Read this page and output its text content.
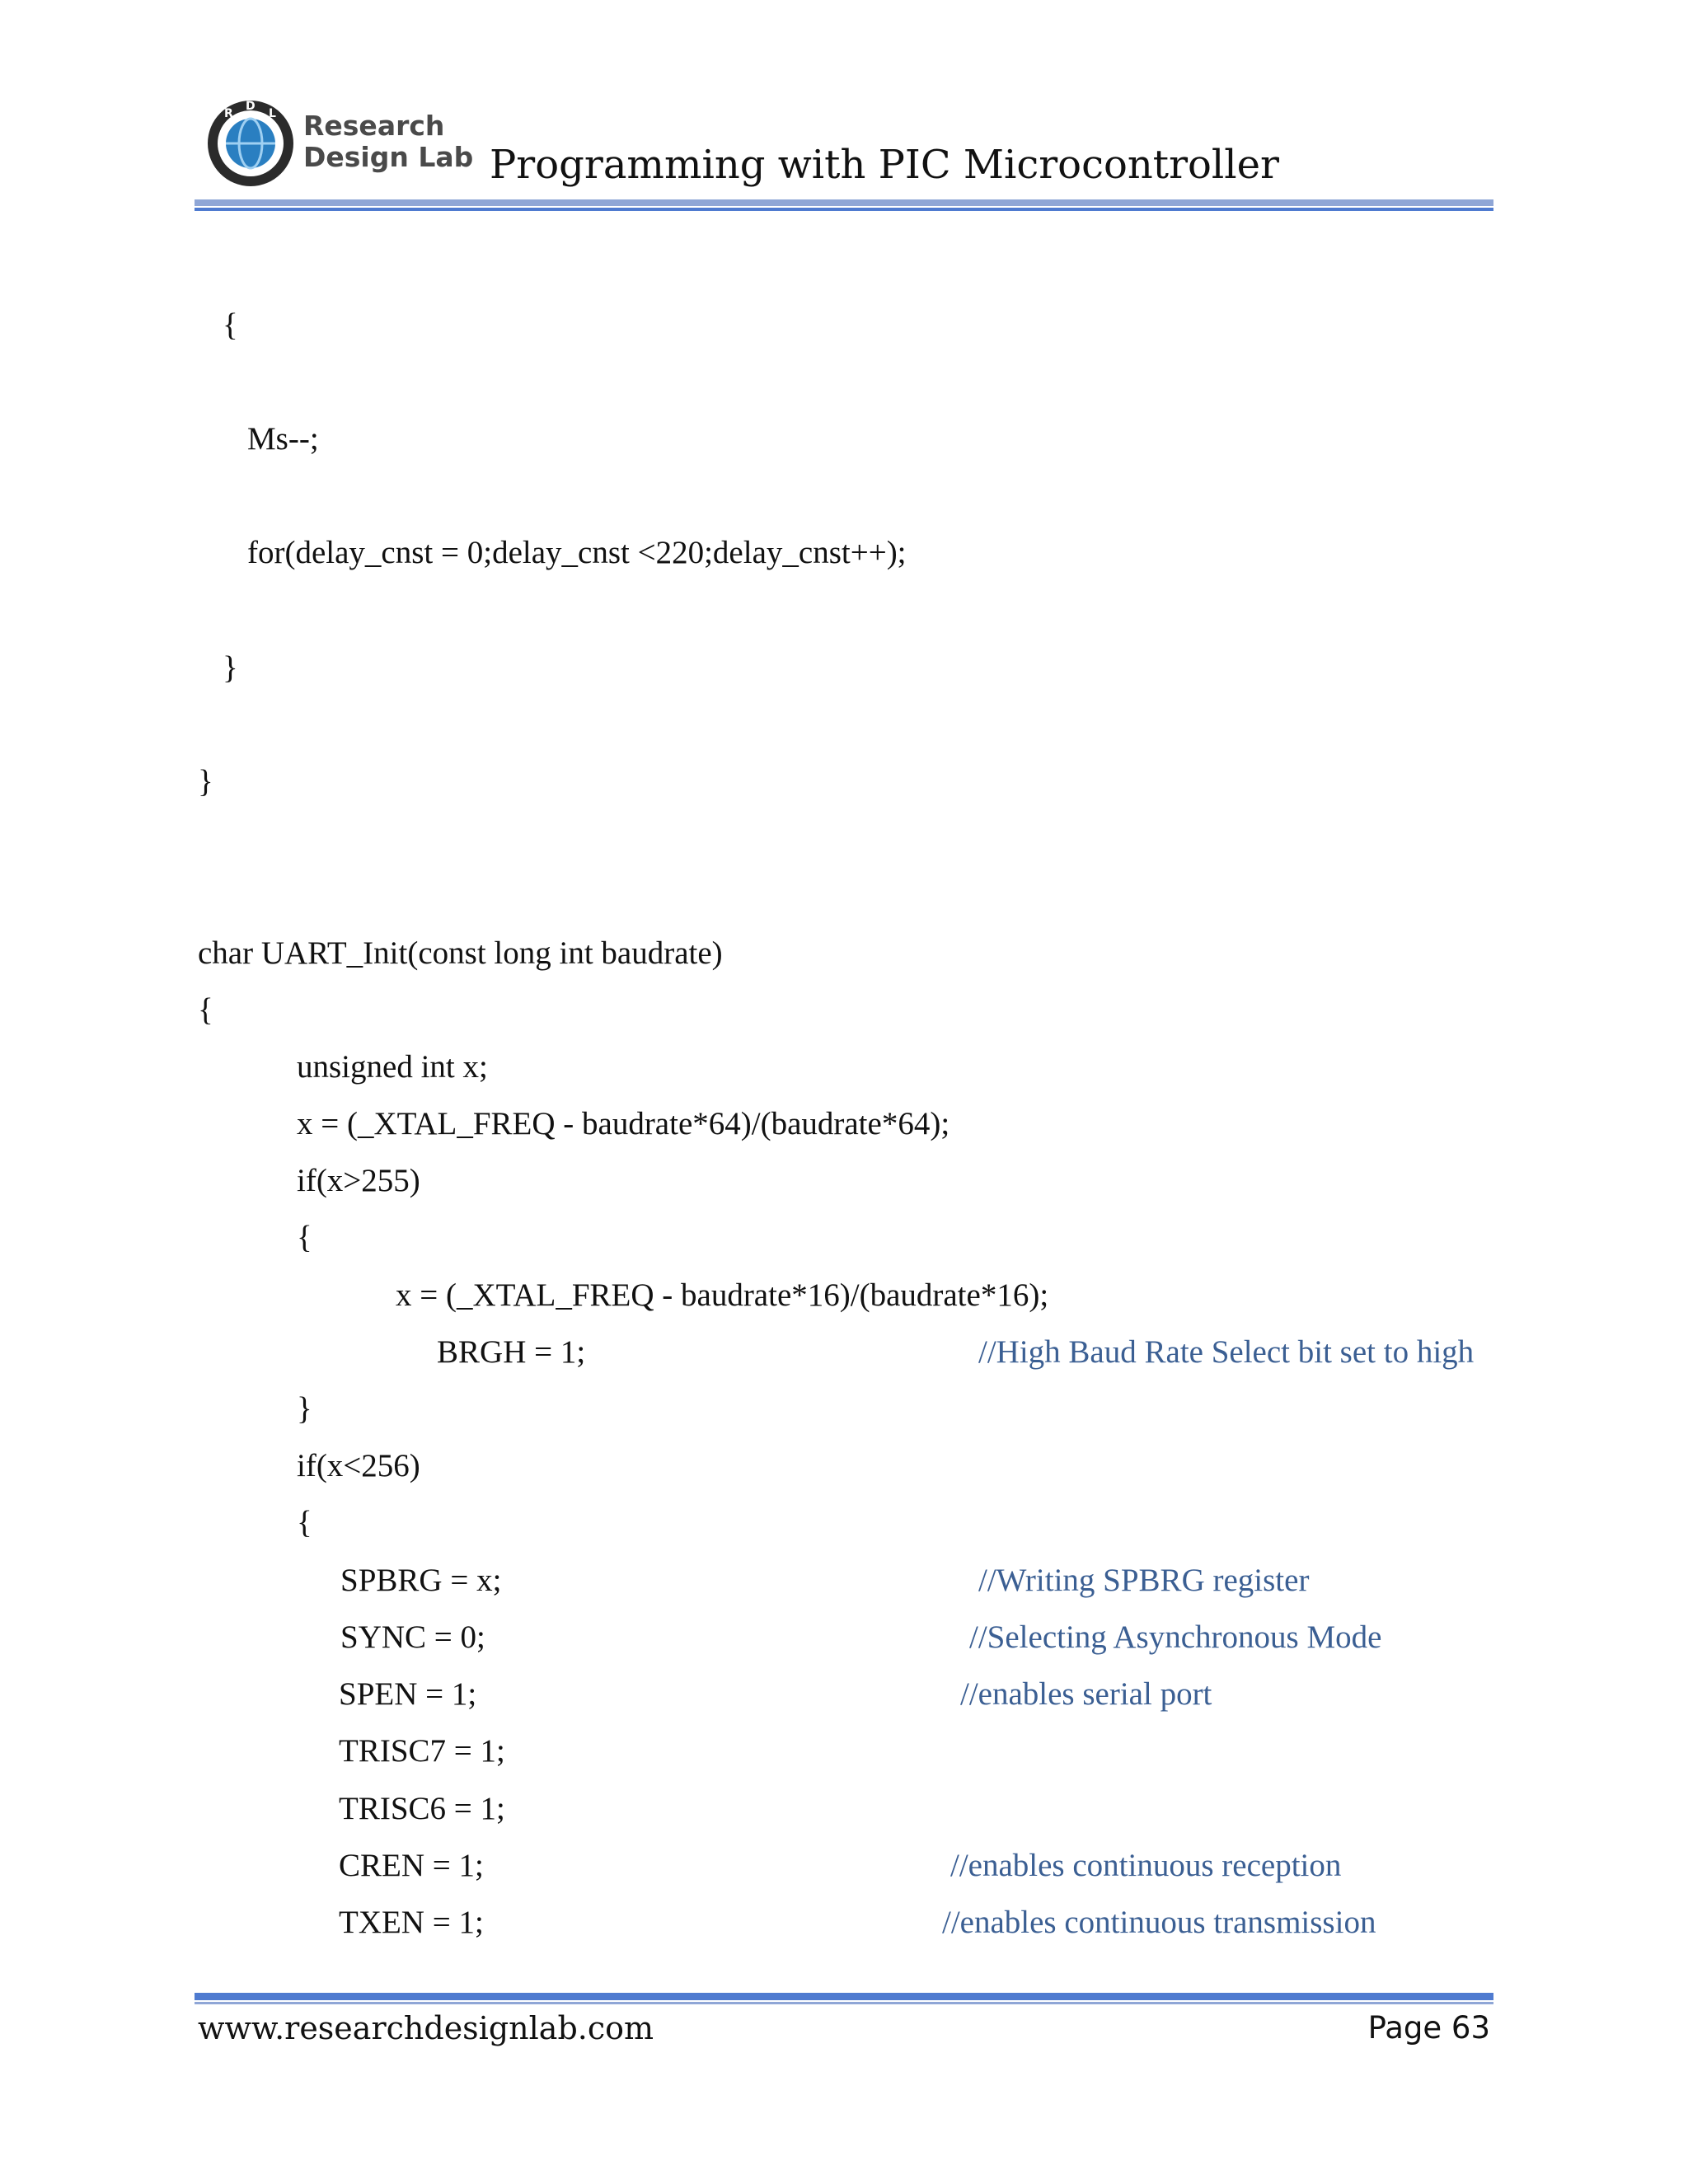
R
D
L Research
Design Lab Programming with PIC Microcontroller
{
Ms--;
for(delay_cnst = 0;delay_cnst <220;delay_cnst++);
}
}
char UART_Init(const long int baudrate)
{
unsigned int x;
x = (_XTAL_FREQ - baudrate*64)/(baudrate*64);
if(x>255)
{
x = (_XTAL_FREQ - baudrate*16)/(baudrate*16);
BRGH = 1;	//High Baud Rate Select bit set to high
}
if(x<256)
{
SPBRG = x;	//Writing SPBRG register
SYNC = 0;	//Selecting Asynchronous Mode
SPEN = 1;	//enables serial port
TRISC7 = 1;
TRISC6 = 1;
CREN = 1;	//enables continuous reception
TXEN = 1;	//enables continuous transmission
www.researchdesignlab.com	Page 63
